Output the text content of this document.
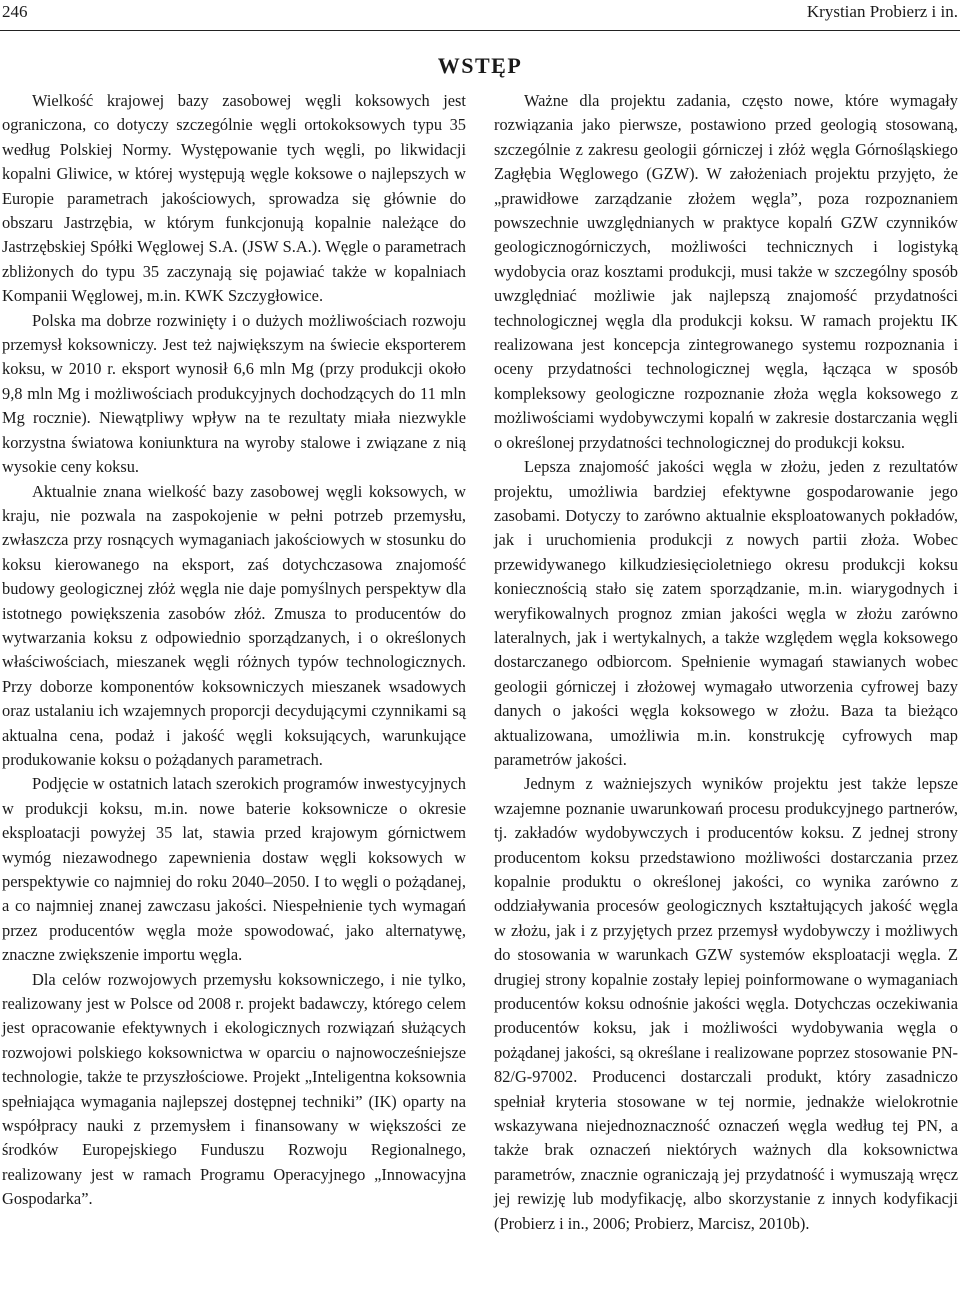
246	Krystian Probierz i in.
WSTĘP

Wielkość krajowej bazy zasobowej węgli koksowych jest ograniczona, co dotyczy szczególnie węgli ortokoksowych typu 35 według Polskiej Normy. Występowanie tych węgli, po likwidacji kopalni Gliwice, w której występują węgle koksowe o najlepszych w Europie parametrach jakościowych, sprowadza się głównie do obszaru Jastrzębia, w którym funkcjonują kopalnie należące do Jastrzębskiej Spółki Węglowej S.A. (JSW S.A.). Węgle o parametrach zbliżonych do typu 35 zaczynają się pojawiać także w kopalniach Kompanii Węglowej, m.in. KWK Szczygłowice.

Polska ma dobrze rozwinięty i o dużych możliwościach rozwoju przemysł koksowniczy. Jest też największym na świecie eksporterem koksu, w 2010 r. eksport wynosił 6,6 mln Mg (przy produkcji około 9,8 mln Mg i możliwościach produkcyjnych dochodzących do 11 mln Mg rocznie). Niewątpliwy wpływ na te rezultaty miała niezwykle korzystna światowa koniunktura na wyroby stalowe i związane z nią wysokie ceny koksu.

Aktualnie znana wielkość bazy zasobowej węgli koksowych, w kraju, nie pozwala na zaspokojenie w pełni potrzeb przemysłu, zwłaszcza przy rosnących wymaganiach jakościowych w stosunku do koksu kierowanego na eksport, zaś dotychczasowa znajomość budowy geologicznej złóż węgla nie daje pomyślnych perspektyw dla istotnego powiększenia zasobów złóż. Zmusza to producentów do wytwarzania koksu z odpowiednio sporządzanych, i o określonych właściwościach, mieszanek węgli różnych typów technologicznych. Przy doborze komponentów koksowniczych mieszanek wsadowych oraz ustalaniu ich wzajemnych proporcji decydującymi czynnikami są aktualna cena, podaż i jakość węgli koksujących, warunkujące produkowanie koksu o pożądanych parametrach.

Podjęcie w ostatnich latach szerokich programów inwestycyjnych w produkcji koksu, m.in. nowe baterie koksownicze o okresie eksploatacji powyżej 35 lat, stawia przed krajowym górnictwem wymóg niezawodnego zapewnienia dostaw węgli koksowych w perspektywie co najmniej do roku 2040–2050. I to węgli o pożądanej, a co najmniej znanej zawczasu jakości. Niespełnienie tych wymagań przez producentów węgla może spowodować, jako alternatywę, znaczne zwiększenie importu węgla.

Dla celów rozwojowych przemysłu koksowniczego, i nie tylko, realizowany jest w Polsce od 2008 r. projekt badawczy, którego celem jest opracowanie efektywnych i ekologicznych rozwiązań służących rozwojowi polskiego koksownictwa w oparciu o najnowocześniejsze technologie, także te przyszłościowe. Projekt „Inteligentna koksownia spełniająca wymagania najlepszej dostępnej techniki” (IK) oparty na współpracy nauki z przemysłem i finansowany w większości ze środków Europejskiego Funduszu Rozwoju Regionalnego, realizowany jest w ramach Programu Operacyjnego „Innowacyjna Gospodarka”.

Ważne dla projektu zadania, często nowe, które wymagały rozwiązania jako pierwsze, postawiono przed geologią stosowaną, szczególnie z zakresu geologii górniczej i złóż węgla Górnośląskiego Zagłębia Węglowego (GZW). W założeniach projektu przyjęto, że „prawidłowe zarządzanie złożem węgla”, poza rozpoznaniem powszechnie uwzględnianych w praktyce kopalń GZW czynników geologicznogórniczych, możliwości technicznych i logistyką wydobycia oraz kosztami produkcji, musi także w szczególny sposób uwzględniać możliwie jak najlepszą znajomość przydatności technologicznej węgla dla produkcji koksu. W ramach projektu IK realizowana jest koncepcja zintegrowanego systemu rozpoznania i oceny przydatności technologicznej węgla, łącząca w sposób kompleksowy geologiczne rozpoznanie złoża węgla koksowego z możliwościami wydobywczymi kopalń w zakresie dostarczania węgli o określonej przydatności technologicznej do produkcji koksu.

Lepsza znajomość jakości węgla w złożu, jeden z rezultatów projektu, umożliwia bardziej efektywne gospodarowanie jego zasobami. Dotyczy to zarówno aktualnie eksploatowanych pokładów, jak i uruchomienia produkcji z nowych partii złoża. Wobec przewidywanego kilkudziesięcioletniego okresu produkcji koksu koniecznością stało się zatem sporządzanie, m.in. wiarygodnych i weryfikowalnych prognoz zmian jakości węgla w złożu zarówno lateralnych, jak i wertykalnych, a także względem węgla koksowego dostarczanego odbiorcom. Spełnienie wymagań stawianych wobec geologii górniczej i złożowej wymagało utworzenia cyfrowej bazy danych o jakości węgla koksowego w złożu. Baza ta bieżąco aktualizowana, umożliwia m.in. konstrukcję cyfrowych map parametrów jakości.

Jednym z ważniejszych wyników projektu jest także lepsze wzajemne poznanie uwarunkowań procesu produkcyjnego partnerów, tj. zakładów wydobywczych i producentów koksu. Z jednej strony producentom koksu przedstawiono możliwości dostarczania przez kopalnie produktu o określonej jakości, co wynika zarówno z oddziaływania procesów geologicznych kształtujących jakość węgla w złożu, jak i z przyjętych przez przemysł wydobywczy i możliwych do stosowania w warunkach GZW systemów eksploatacji węgla. Z drugiej strony kopalnie zostały lepiej poinformowane o wymaganiach producentów koksu odnośnie jakości węgla. Dotychczas oczekiwania producentów koksu, jak i możliwości wydobywania węgla o pożądanej jakości, są określane i realizowane poprzez stosowanie PN-82/G-97002. Producenci dostarczali produkt, który zasadniczo spełniał kryteria stosowane w tej normie, jednakże wielokrotnie wskazywana niejednoznaczność oznaczeń węgla według tej PN, a także brak oznaczeń niektórych ważnych dla koksownictwa parametrów, znacznie ograniczają jej przydatność i wymuszają wręcz jej rewizję lub modyfikację, albo skorzystanie z innych kodyfikacji (Probierz i in., 2006; Probierz, Marcisz, 2010b).
